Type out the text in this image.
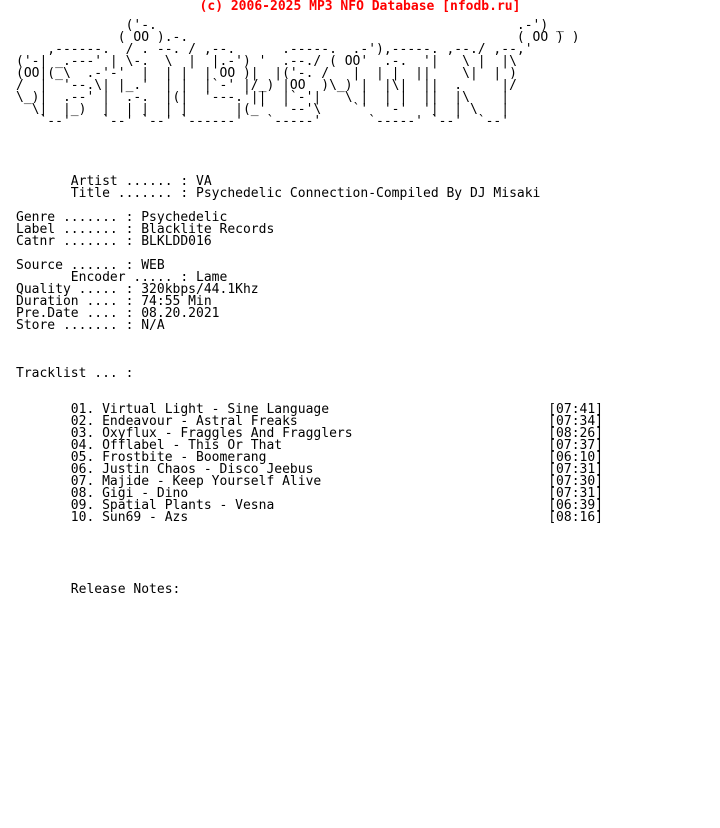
(c) 2006-2025 MP3 NFO Database [nfodb.ru]
('-.                                              .-') _
( OO ).-.                                          ( OO ) )
,------.  / . --. / ,--.      .-----.  .-'),-----. ,--./ ,--,'
('-| _.---' | \-.  \  |  |.-') '  .--./ ( OO'  .-.  '|   \ |  |\
(OO|(_\  .-'-'  |  | |  | OO )|  |('-. /   |  | |  ||    \|  | )
/  |  '--.\| |_.'  | |  |`-' |/_) |OO  )\_) |  |\|  ||  .     |/
\_)|  .--' |  .-.  |(|  '---.'||  |`-'|   \ |  | |  ||  |\    |
\|  |_)  |  | |  | |      |(_'  '--'\    `'  '-'  '|  | \   |
`--'    `--' `--' `------'   `-----'      `-----' `--'  `--'
Artist ...... : VA
Title ....... : Psychedelic Connection-Compiled By DJ Misaki
Genre ....... : Psychedelic
Label ....... : Blacklite Records
Catnr ....... : BLKLDD016
Source ...... : WEB
Encoder ..... : Lame
Quality ..... : 320kbps/44.1Khz
Duration .... : 74:55 Min
Pre.Date .... : 08.20.2021
Store ....... : N/A
Tracklist ... :
01. Virtual Light - Sine Language                            [07:41]
02. Endeavour - Astral Freaks                                [07:34]
03. Oxyflux - Fraggles And Fragglers                         [08:26]
04. Offlabel - This Or That                                  [07:37]
05. Frostbite - Boomerang                                    [06:10]
06. Justin Chaos - Disco Jeebus                              [07:31]
07. Majide - Keep Yourself Alive                             [07:30]
08. Gigi - Dino                                              [07:31]
09. Spatial Plants - Vesna                                   [06:39]
10. Sun69 - Azs                                              [08:16]
Release Notes:
